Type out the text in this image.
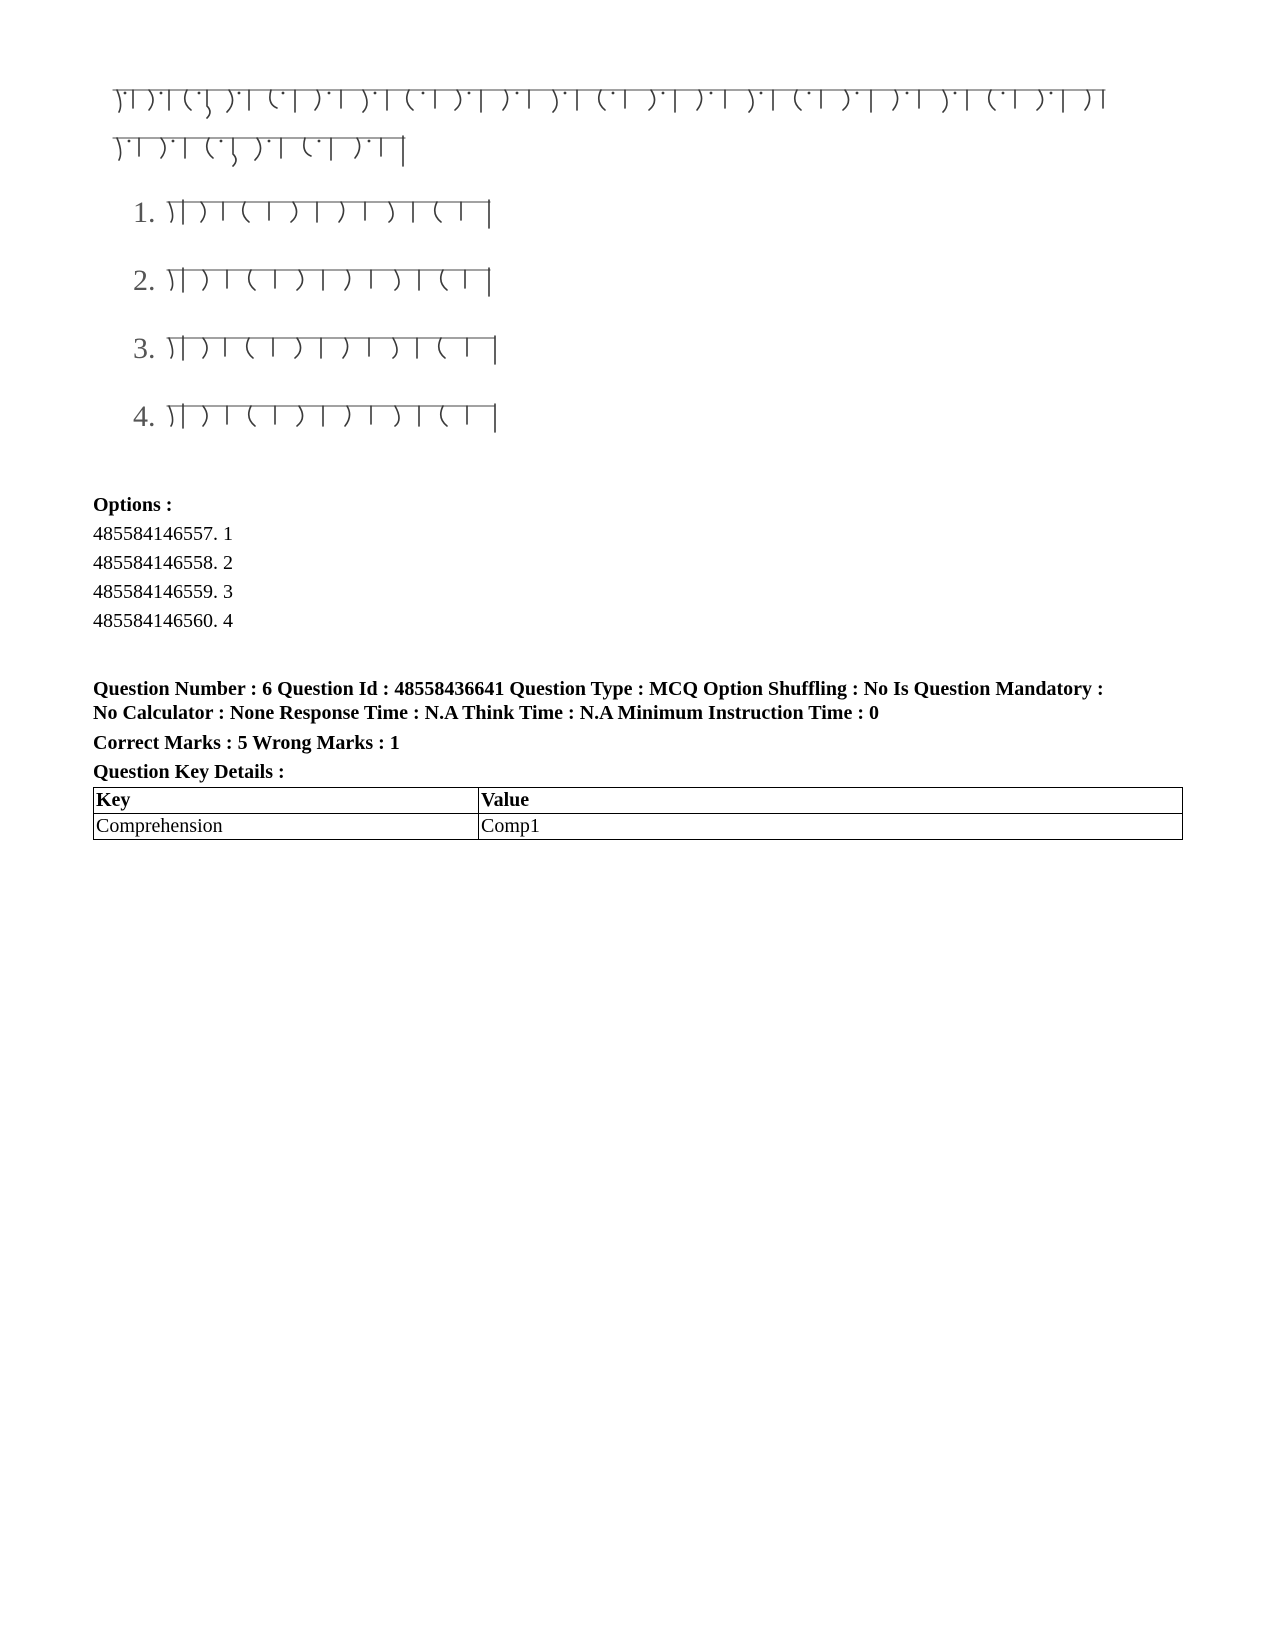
1.
2.
3.
4.
Options :
485584146557. 1
485584146558. 2
485584146559. 3
485584146560. 4
Question Number : 6 Question Id : 48558436641 Question Type : MCQ Option Shuffling : No Is Question Mandatory :
No Calculator : None Response Time : N.A Think Time : N.A Minimum Instruction Time : 0
Correct Marks : 5 Wrong Marks : 1
Question Key Details :
Key	Value
Comprehension	Comp1
